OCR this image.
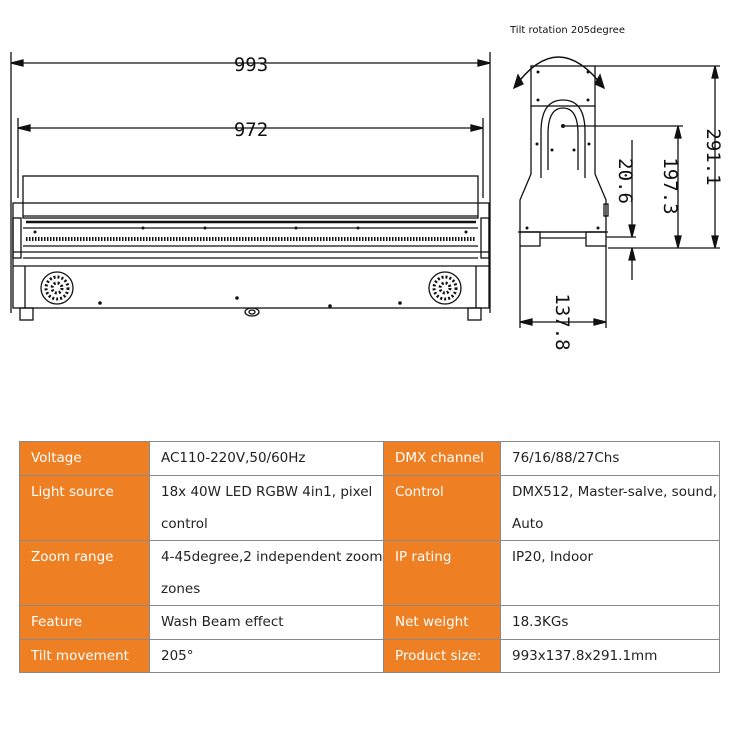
993
972
Tilt rotation 205degree
291.1
197.3
20.6
137.8
Voltage	AC110-220V,50/60Hz	DMX channel	76/16/88/27Chs
Light source	18x 40W LED RGBW 4in1, pixel control	Control	DMX512, Master-salve, sound, Auto
Zoom range	4-45degree,2 independent zoom zones	IP rating	IP20, Indoor
Feature	Wash Beam effect	Net weight	18.3KGs
Tilt movement	205°	Product size:	993x137.8x291.1mm
